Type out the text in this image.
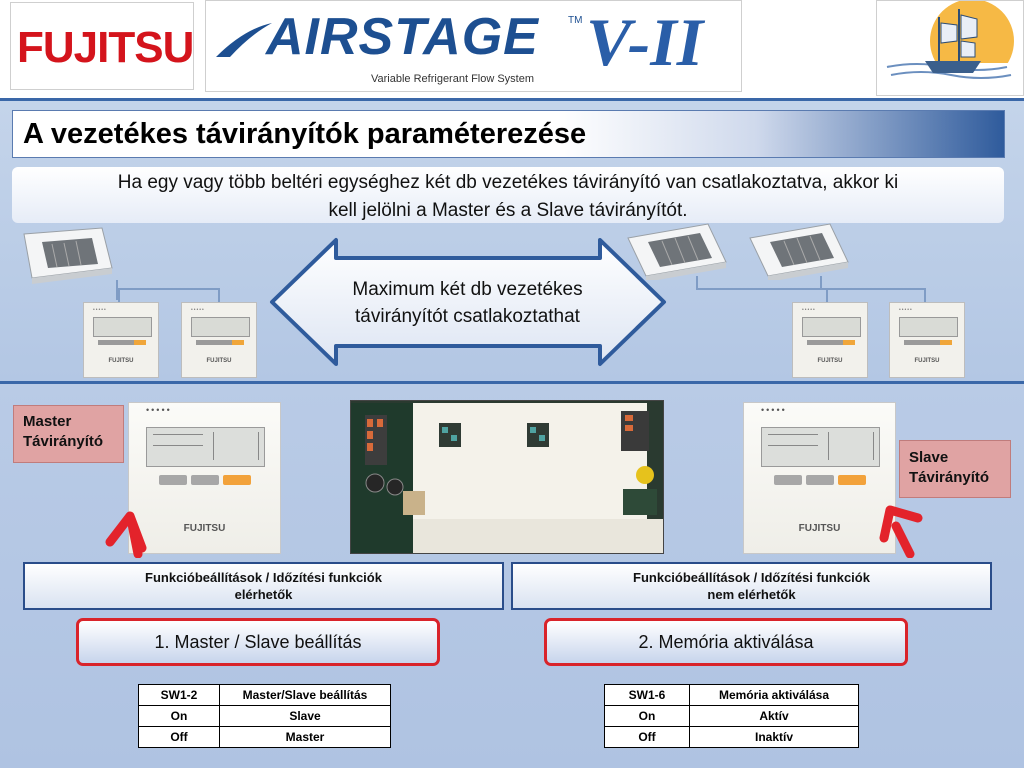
FUJITSU AIRSTAGE	TM V-II
Variable Refrigerant Flow System
A vezetékes távirányítók paraméterezése
Ha egy vagy több beltéri egységhez két db vezetékes távirányító van csatlakoztatva, akkor ki
kell jelölni a Master és a Slave távirányítót.
•••••
FUJITSU
•••••
FUJITSU
Maximum két db vezetékes
távirányítót csatlakoztathat	•••••
FUJITSU
•••••
FUJITSU
Master
Távirányító
•••••
FUJITSU
•••••
FUJITSU
Slave
Távirányító
Funkcióbeállítások / Időzítési funkciók
elérhetők
Funkcióbeállítások / Időzítési funkciók
nem elérhetők
1. Master / Slave beállítás	2. Memória aktiválása
SW1-2	Master/Slave beállítás
On	Slave
Off	Master
SW1-6	Memória aktiválása
On	Aktív
Off	Inaktív
